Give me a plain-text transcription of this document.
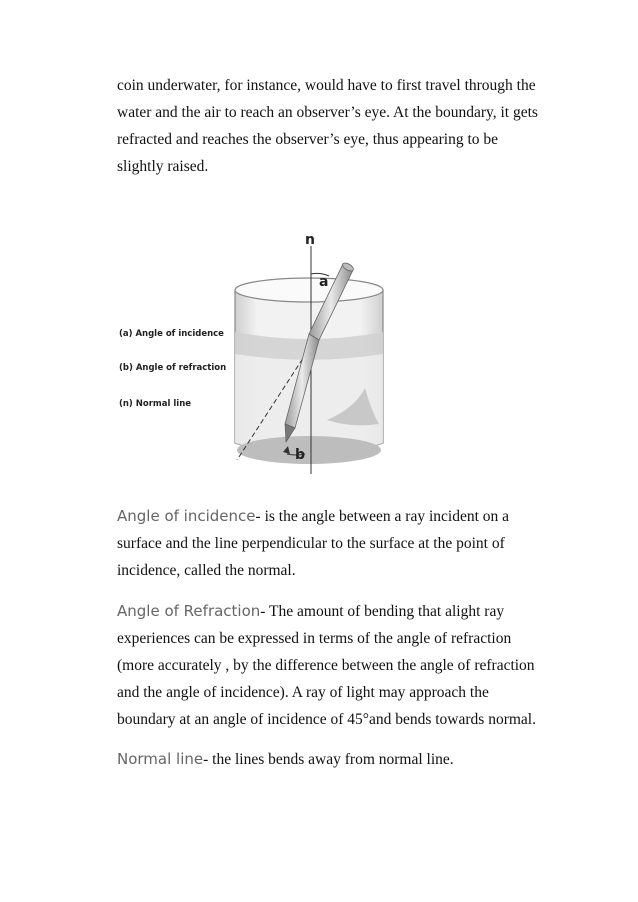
coin underwater, for instance, would have to first travel through the
water and the air to reach an observer’s eye. At the boundary, it gets
refracted and reaches the observer’s eye, thus appearing to be
slightly raised.

n
a
b
(a) Angle of incidence
(b) Angle of refraction
(n) Normal line

Angle of incidence- is the angle between a ray incident on a
surface and the line perpendicular to the surface at the point of
incidence, called the normal.

Angle of Refraction- The amount of bending that alight ray
experiences can be expressed in terms of the angle of refraction
(more accurately , by the difference between the angle of refraction
and the angle of incidence). A ray of light may approach the
boundary at an angle of incidence of 45°and bends towards normal.

Normal line- the lines bends away from normal line.
